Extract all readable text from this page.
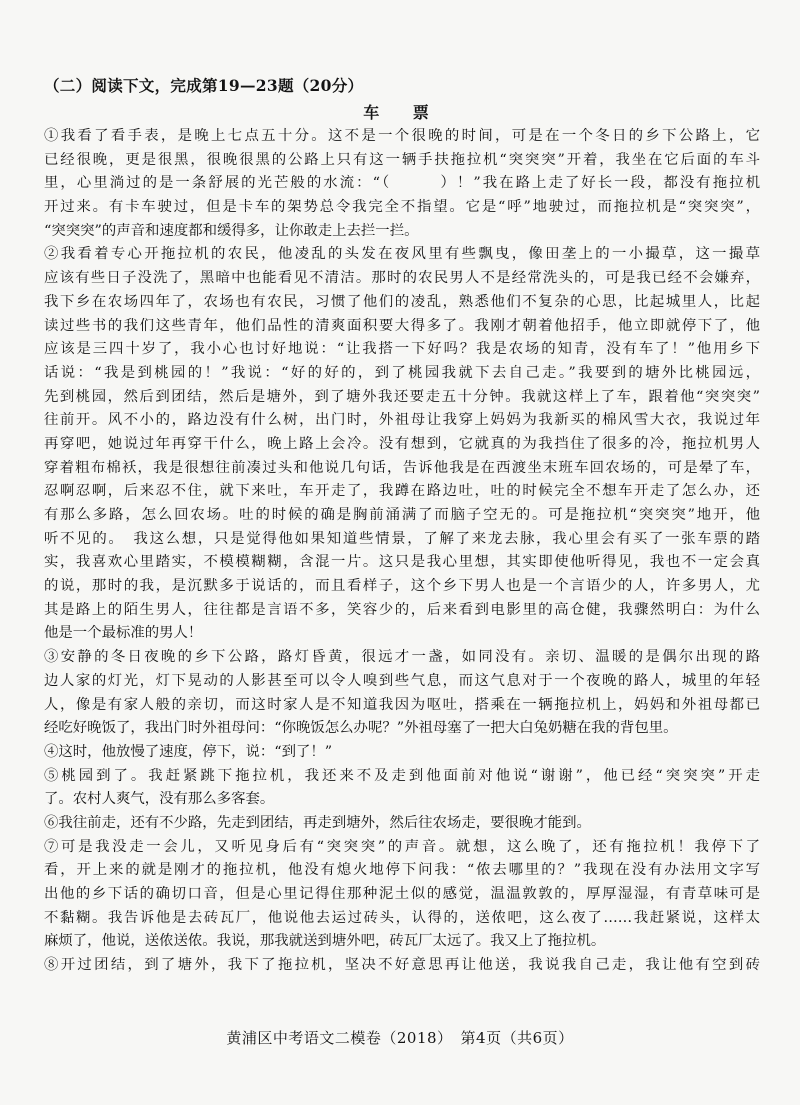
（二）阅读下文，完成第19—23题（20分）
车 票
①我看了看手表，是晚上七点五十分。这不是一个很晚的时间，可是在一个冬日的乡下公路上，它
已经很晚，更是很黑，很晚很黑的公路上只有这一辆手扶拖拉机“突突突”开着，我坐在它后面的车斗
里，心里淌过的是一条舒展的光芒般的水流：“（　　　）！”我在路上走了好长一段，都没有拖拉机
开过来。有卡车驶过，但是卡车的架势总令我完全不指望。它是“呼”地驶过，而拖拉机是“突突突”，
“突突突”的声音和速度都和缓得多，让你敢走上去拦一拦。
②我看着专心开拖拉机的农民，他凌乱的头发在夜风里有些飘曳，像田垄上的一小撮草，这一撮草
应该有些日子没洗了，黑暗中也能看见不清洁。那时的农民男人不是经常洗头的，可是我已经不会嫌弃，
我下乡在农场四年了，农场也有农民，习惯了他们的凌乱，熟悉他们不复杂的心思，比起城里人，比起
读过些书的我们这些青年，他们品性的清爽面积要大得多了。我刚才朝着他招手，他立即就停下了，他
应该是三四十岁了，我小心也讨好地说：“让我搭一下好吗？我是农场的知青，没有车了！”他用乡下
话说：“我是到桃园的！”我说：“好的好的，到了桃园我就下去自己走。”我要到的塘外比桃园远，
先到桃园，然后到团结，然后是塘外，到了塘外我还要走五十分钟。我就这样上了车，跟着他“突突突”
往前开。风不小的，路边没有什么树，出门时，外祖母让我穿上妈妈为我新买的棉风雪大衣，我说过年
再穿吧，她说过年再穿干什么，晚上路上会冷。没有想到，它就真的为我挡住了很多的冷，拖拉机男人
穿着粗布棉袄，我是很想往前凑过头和他说几句话，告诉他我是在西渡坐末班车回农场的，可是晕了车，
忍啊忍啊，后来忍不住，就下来吐，车开走了，我蹲在路边吐，吐的时候完全不想车开走了怎么办，还
有那么多路，怎么回农场。吐的时候的确是胸前涌满了而脑子空无的。可是拖拉机“突突突”地开，他
听不见的。　我这么想，只是觉得他如果知道些情景，了解了来龙去脉，我心里会有买了一张车票的踏
实，我喜欢心里踏实，不模模糊糊，含混一片。这只是我心里想，其实即使他听得见，我也不一定会真
的说，那时的我，是沉默多于说话的，而且看样子，这个乡下男人也是一个言语少的人，许多男人，尤
其是路上的陌生男人，往往都是言语不多，笑容少的，后来看到电影里的高仓健，我骤然明白：为什么
他是一个最标准的男人！
③安静的冬日夜晚的乡下公路，路灯昏黄，很远才一盏，如同没有。亲切、温暖的是偶尔出现的路
边人家的灯光，灯下晃动的人影甚至可以令人嗅到些气息，而这气息对于一个夜晚的路人，城里的年轻
人，像是有家人般的亲切，而这时家人是不知道我因为呕吐，搭乘在一辆拖拉机上，妈妈和外祖母都已
经吃好晚饭了，我出门时外祖母问：“你晚饭怎么办呢？”外祖母塞了一把大白兔奶糖在我的背包里。
④这时，他放慢了速度，停下，说：“到了！”
⑤桃园到了。我赶紧跳下拖拉机，我还来不及走到他面前对他说“谢谢”，他已经“突突突”开走
了。农村人爽气，没有那么多客套。
⑥我往前走，还有不少路，先走到团结，再走到塘外，然后往农场走，要很晚才能到。
⑦可是我没走一会儿，又听见身后有“突突突”的声音。就想，这么晚了，还有拖拉机！我停下了
看，开上来的就是刚才的拖拉机，他没有熄火地停下问我：“侬去哪里的？”我现在没有办法用文字写
出他的乡下话的确切口音，但是心里记得住那种泥土似的感觉，温温敦敦的，厚厚湿湿，有青草味可是
不黏糊。我告诉他是去砖瓦厂，他说他去运过砖头，认得的，送侬吧，这么夜了……我赶紧说，这样太
麻烦了，他说，送侬送侬。我说，那我就送到塘外吧，砖瓦厂太远了。我又上了拖拉机。
⑧开过团结，到了塘外，我下了拖拉机，坚决不好意思再让他送，我说我自己走，我让他有空到砖
黄浦区中考语文二模卷（2018）　第4页（共6页）
